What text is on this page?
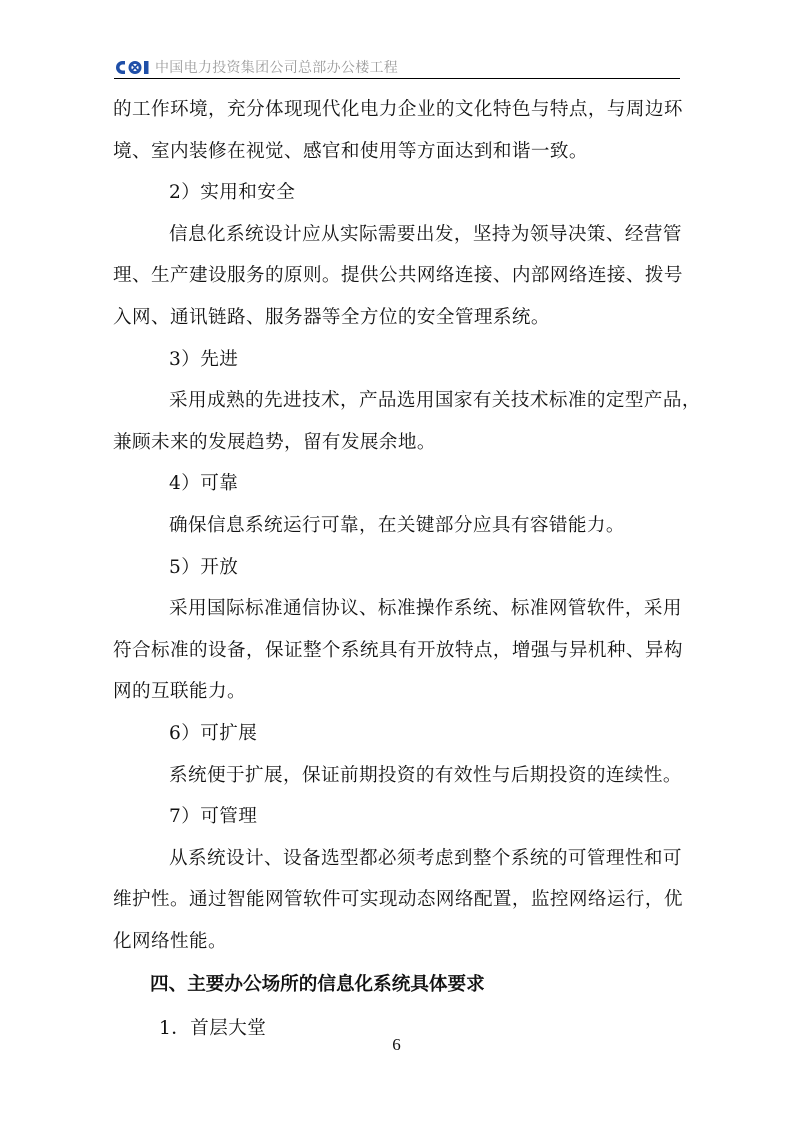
中国电力投资集团公司总部办公楼工程
的工作环境，充分体现现代化电力企业的文化特色与特点，与周边环
境、室内装修在视觉、感官和使用等方面达到和谐一致。
2）实用和安全
信息化系统设计应从实际需要出发，坚持为领导决策、经营管
理、生产建设服务的原则。提供公共网络连接、内部网络连接、拨号
入网、通讯链路、服务器等全方位的安全管理系统。
3）先进
采用成熟的先进技术，产品选用国家有关技术标准的定型产品，
兼顾未来的发展趋势，留有发展余地。
4）可靠
确保信息系统运行可靠，在关键部分应具有容错能力。
5）开放
采用国际标准通信协议、标准操作系统、标准网管软件，采用
符合标准的设备，保证整个系统具有开放特点，增强与异机种、异构
网的互联能力。
6）可扩展
系统便于扩展，保证前期投资的有效性与后期投资的连续性。
7）可管理
从系统设计、设备选型都必须考虑到整个系统的可管理性和可
维护性。通过智能网管软件可实现动态网络配置，监控网络运行，优
化网络性能。
四、主要办公场所的信息化系统具体要求
1．首层大堂
6
